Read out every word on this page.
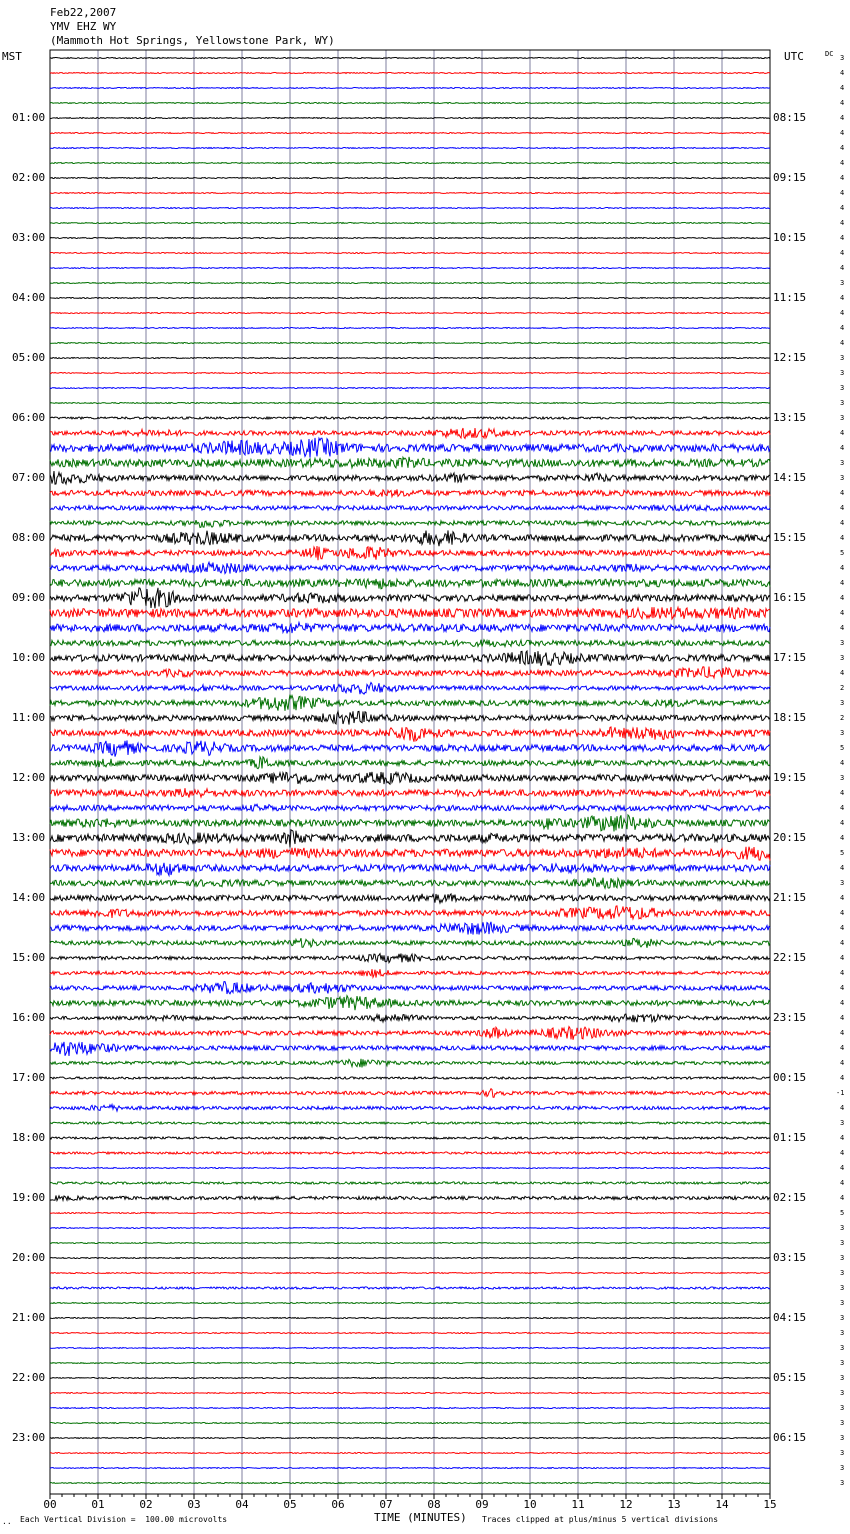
Feb22,2007
YMV EHZ WY
(Mammoth Hot Springs, Yellowstone Park, WY)
MST	UTC	DC
01:00
02:00
03:00
04:00
05:00
06:00
07:00
08:00
09:00
10:00
11:00
12:00
13:00
14:00
15:00
16:00
17:00
18:00
19:00
20:00
21:00
22:00
23:00
08:15
09:15
10:15
11:15
12:15
13:15
14:15
15:15
16:15
17:15
18:15
19:15
20:15
21:15
22:15
23:15
00:15
01:15
02:15
03:15
04:15
05:15
06:15
3
4
4
4
4
4
4
4
4
4
4
4
4
4
4
3
4
4
4
4
3
3
3
3
3
4
4
3
3
4
4
4
4
5
4
4
4
4
4
3
3
4
2
3
2
3
5
4
3
4
4
4
4
5
4
3
4
4
4
4
4
4
4
4
4
4
4
4
4
-1
4
3
4
4
4
4
4
5
3
3
3
3
3
3
3
3
3
3
3
3
3
3
3
3
3
3
00	01	02	03	04	05	06	07	08	09	10	11	12	13	14	15
TIME (MINUTES)
.. Each Vertical Division =  100.00 microvolts	Traces clipped at plus/minus 5 vertical divisions
